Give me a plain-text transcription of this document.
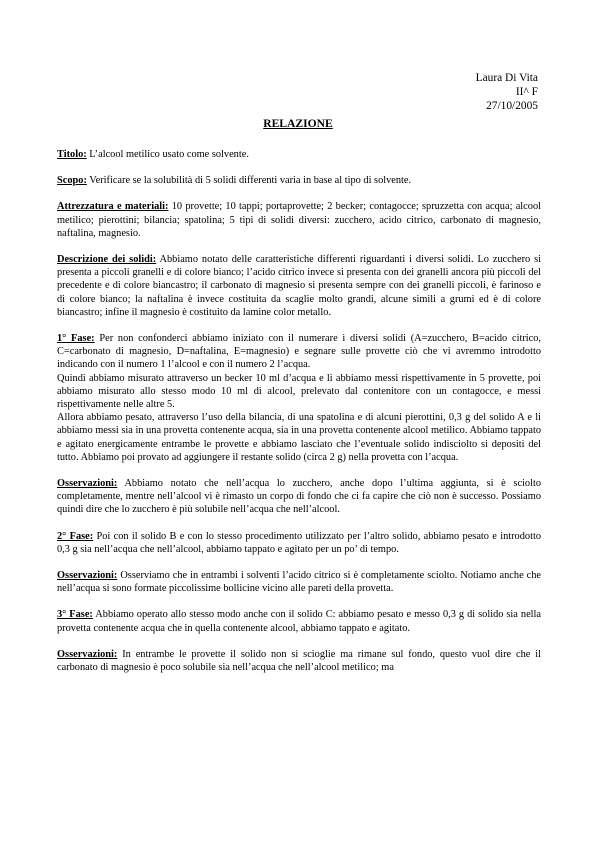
Laura Di Vita
II^ F
27/10/2005
RELAZIONE

Titolo: L’alcool metilico usato come solvente.

Scopo: Verificare se la solubilità di 5 solidi differenti varia in base al tipo di solvente.

Attrezzatura e materiali: 10 provette; 10 tappi; portaprovette; 2 becker; contagocce; spruzzetta con acqua; alcool metilico; pierottini; bilancia; spatolina; 5 tipi di solidi diversi: zucchero, acido citrico, carbonato di magnesio, naftalina, magnesio.

Descrizione dei solidi: Abbiamo notato delle caratteristiche differenti riguardanti i diversi solidi. Lo zucchero si presenta a piccoli granelli e di colore bianco; l’acido citrico invece si presenta con dei granelli ancora più piccoli del precedente e di colore biancastro; il carbonato di magnesio si presenta sempre con dei granelli piccoli, è farinoso e di colore bianco; la naftalina è invece costituita da scaglie molto grandi, alcune simili a grumi ed è di colore biancastro; infine il magnesio è costituito da lamine color metallo.

1° Fase: Per non confonderci abbiamo iniziato con il numerare i diversi solidi (A=zucchero, B=acido citrico, C=carbonato di magnesio, D=naftalina, E=magnesio) e segnare sulle provette ciò che vi avremmo introdotto indicando con il numero 1 l’alcool e con il numero 2 l’acqua.
Quindi abbiamo misurato attraverso un becker 10 ml d’acqua e li abbiamo messi rispettivamente in 5 provette, poi abbiamo misurato allo stesso modo 10 ml di alcool, prelevato dal contenitore con un contagocce, e messi rispettivamente nelle altre 5.
Allora abbiamo pesato, attraverso l’uso della bilancia, di una spatolina e di alcuni pierottini, 0,3 g del solido A e li abbiamo messi sia in una provetta contenente acqua, sia in una provetta contenente alcool metilico. Abbiamo tappato e agitato energicamente entrambe le provette e abbiamo lasciato che l’eventuale solido indisciolto si depositi del tutto. Abbiamo poi provato ad aggiungere il restante solido (circa 2 g) nella provetta con l’acqua.

Osservazioni: Abbiamo notato che nell’acqua lo zucchero, anche dopo l’ultima aggiunta, si è sciolto completamente, mentre nell’alcool vi è rimasto un corpo di fondo che ci fa capire che ciò non è successo. Possiamo quindi dire che lo zucchero è più solubile nell’acqua che nell’alcool.

2° Fase: Poi con il solido B e con lo stesso procedimento utilizzato per l’altro solido, abbiamo pesato e introdotto 0,3 g sia nell’acqua che nell’alcool, abbiamo tappato e agitato per un po’ di tempo.

Osservazioni: Osserviamo che in entrambi i solventi l’acido citrico si è completamente sciolto. Notiamo anche che nell’acqua si sono formate piccolissime bollicine vicino alle pareti della provetta.

3° Fase: Abbiamo operato allo stesso modo anche con il solido C: abbiamo pesato e messo 0,3 g di solido sia nella provetta contenente acqua che in quella contenente alcool, abbiamo tappato e agitato.

Osservazioni: In entrambe le provette il solido non si scioglie ma rimane sul fondo, questo vuol dire che il carbonato di magnesio è poco solubile sia nell’acqua che nell’alcool metilico; ma
